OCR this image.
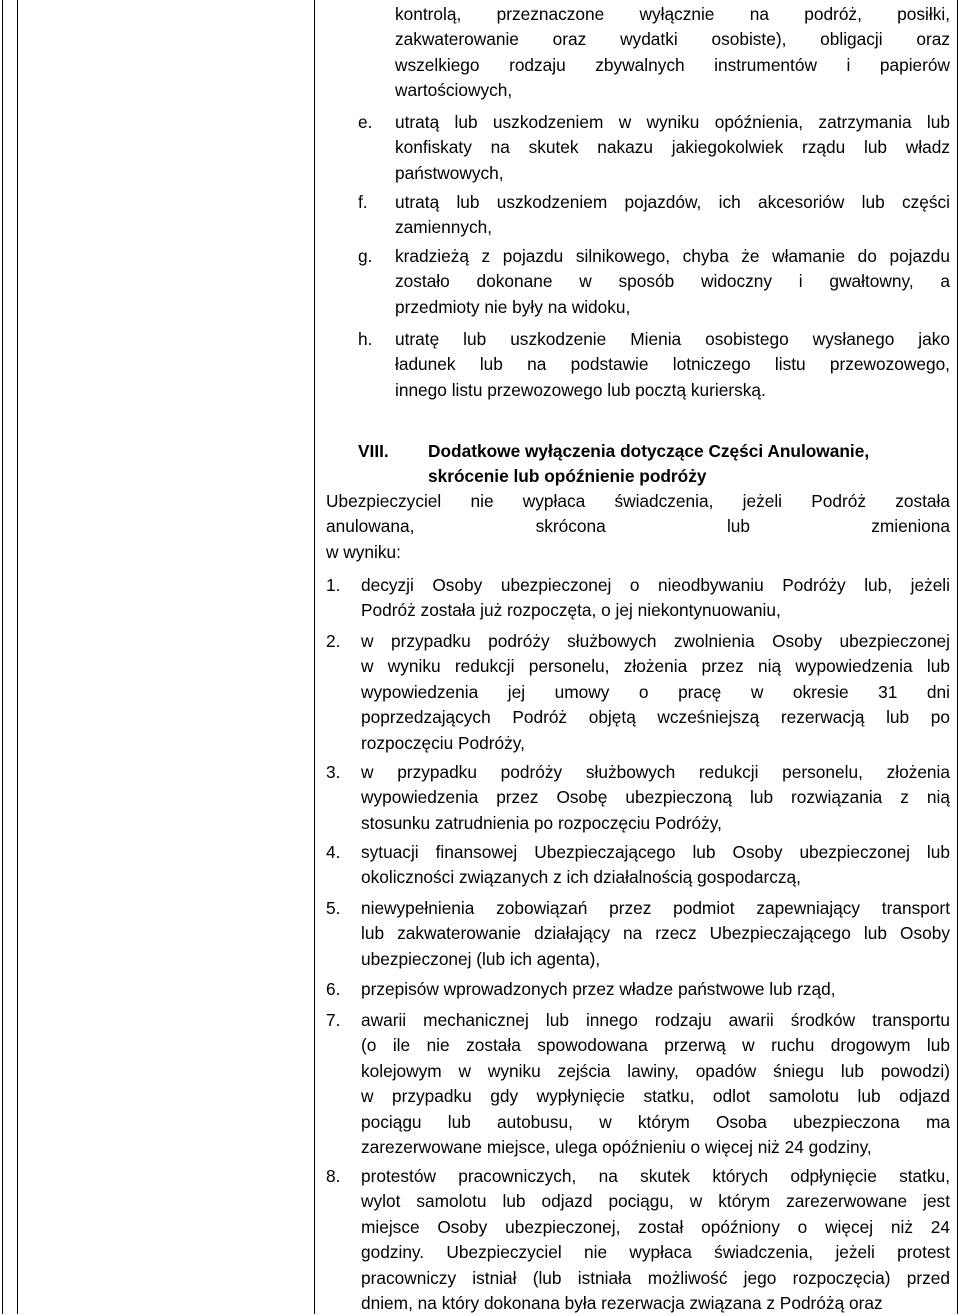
kontrolą, przeznaczone wyłącznie na podróż, posiłki,
zakwaterowanie oraz wydatki osobiste), obligacji oraz
wszelkiego rodzaju zbywalnych instrumentów i papierów
wartościowych,
e. utratą lub uszkodzeniem w wyniku opóźnienia, zatrzymania lub
konfiskaty na skutek nakazu jakiegokolwiek rządu lub władz
państwowych,
f. utratą lub uszkodzeniem pojazdów, ich akcesoriów lub części
zamiennych,
g. kradzieżą z pojazdu silnikowego, chyba że włamanie do pojazdu
zostało dokonane w sposób widoczny i gwałtowny, a
przedmioty nie były na widoku,
h. utratę lub uszkodzenie Mienia osobistego wysłanego jako
ładunek lub na podstawie lotniczego listu przewozowego,
innego listu przewozowego lub pocztą kurierską.
VIII. Dodatkowe wyłączenia dotyczące Części Anulowanie,
skrócenie lub opóźnienie podróży
Ubezpieczyciel nie wypłaca świadczenia, jeżeli Podróż została
anulowana, skrócona lub zmieniona
w wyniku:
1. decyzji Osoby ubezpieczonej o nieodbywaniu Podróży lub, jeżeli
Podróż została już rozpoczęta, o jej niekontynuowaniu,
2. w przypadku podróży służbowych zwolnienia Osoby ubezpieczonej
w wyniku redukcji personelu, złożenia przez nią wypowiedzenia lub
wypowiedzenia jej umowy o pracę w okresie 31 dni
poprzedzających Podróż objętą wcześniejszą rezerwacją lub po
rozpoczęciu Podróży,
3. w przypadku podróży służbowych redukcji personelu, złożenia
wypowiedzenia przez Osobę ubezpieczoną lub rozwiązania z nią
stosunku zatrudnienia po rozpoczęciu Podróży,
4. sytuacji finansowej Ubezpieczającego lub Osoby ubezpieczonej lub
okoliczności związanych z ich działalnością gospodarczą,
5. niewypełnienia zobowiązań przez podmiot zapewniający transport
lub zakwaterowanie działający na rzecz Ubezpieczającego lub Osoby
ubezpieczonej (lub ich agenta),
6. przepisów wprowadzonych przez władze państwowe lub rząd,
7. awarii mechanicznej lub innego rodzaju awarii środków transportu
(o ile nie została spowodowana przerwą w ruchu drogowym lub
kolejowym w wyniku zejścia lawiny, opadów śniegu lub powodzi)
w przypadku gdy wypłynięcie statku, odlot samolotu lub odjazd
pociągu lub autobusu, w którym Osoba ubezpieczona ma
zarezerwowane miejsce, ulega opóźnieniu o więcej niż 24 godziny,
8. protestów pracowniczych, na skutek których odpłynięcie statku,
wylot samolotu lub odjazd pociągu, w którym zarezerwowane jest
miejsce Osoby ubezpieczonej, został opóźniony o więcej niż 24
godziny. Ubezpieczyciel nie wypłaca świadczenia, jeżeli protest
pracowniczy istniał (lub istniała możliwość jego rozpoczęcia) przed
dniem, na który dokonana była rezerwacja związana z Podróżą oraz
